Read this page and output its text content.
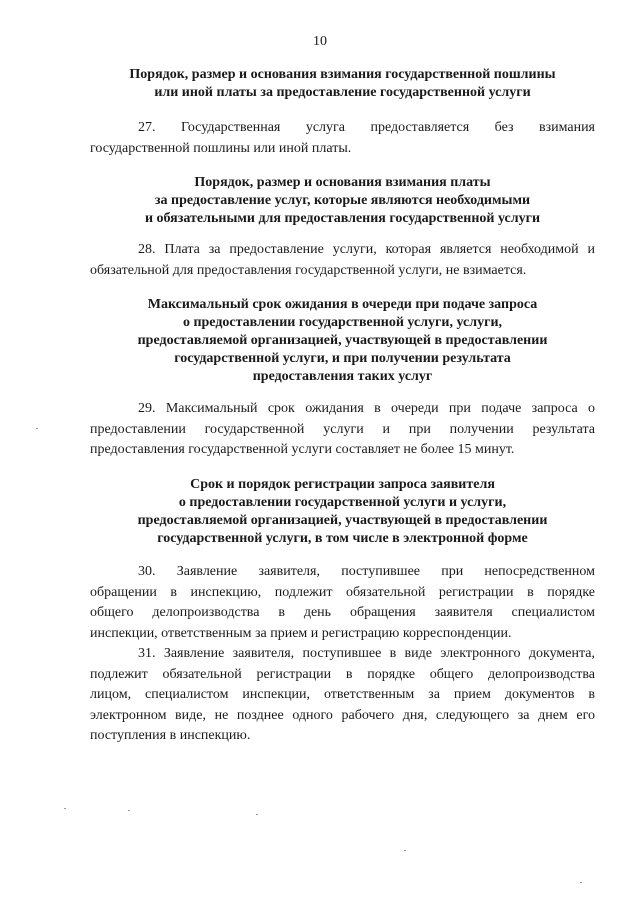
10
Порядок, размер и основания взимания государственной пошлины
или иной платы за предоставление государственной услуги
27. Государственная услуга предоставляется без взимания
государственной пошлины или иной платы.
Порядок, размер и основания взимания платы
за предоставление услуг, которые являются необходимыми
и обязательными для предоставления государственной услуги
28. Плата за предоставление услуги, которая является необходимой и
обязательной для предоставления государственной услуги, не взимается.
Максимальный срок ожидания в очереди при подаче запроса
о предоставлении государственной услуги, услуги,
предоставляемой организацией, участвующей в предоставлении
государственной услуги, и при получении результата
предоставления таких услуг
29. Максимальный срок ожидания в очереди при подаче запроса о
предоставлении государственной услуги и при получении результата
предоставления государственной услуги составляет не более 15 минут.
Срок и порядок регистрации запроса заявителя
о предоставлении государственной услуги и услуги,
предоставляемой организацией, участвующей в предоставлении
государственной услуги, в том числе в электронной форме
30. Заявление заявителя, поступившее при непосредственном
обращении в инспекцию, подлежит обязательной регистрации в порядке
общего делопроизводства в день обращения заявителя специалистом
инспекции, ответственным за прием и регистрацию корреспонденции.
31. Заявление заявителя, поступившее в виде электронного документа,
подлежит обязательной регистрации в порядке общего делопроизводства
лицом, специалистом инспекции, ответственным за прием документов в
электронном виде, не позднее одного рабочего дня, следующего за днем его
поступления в инспекцию.
